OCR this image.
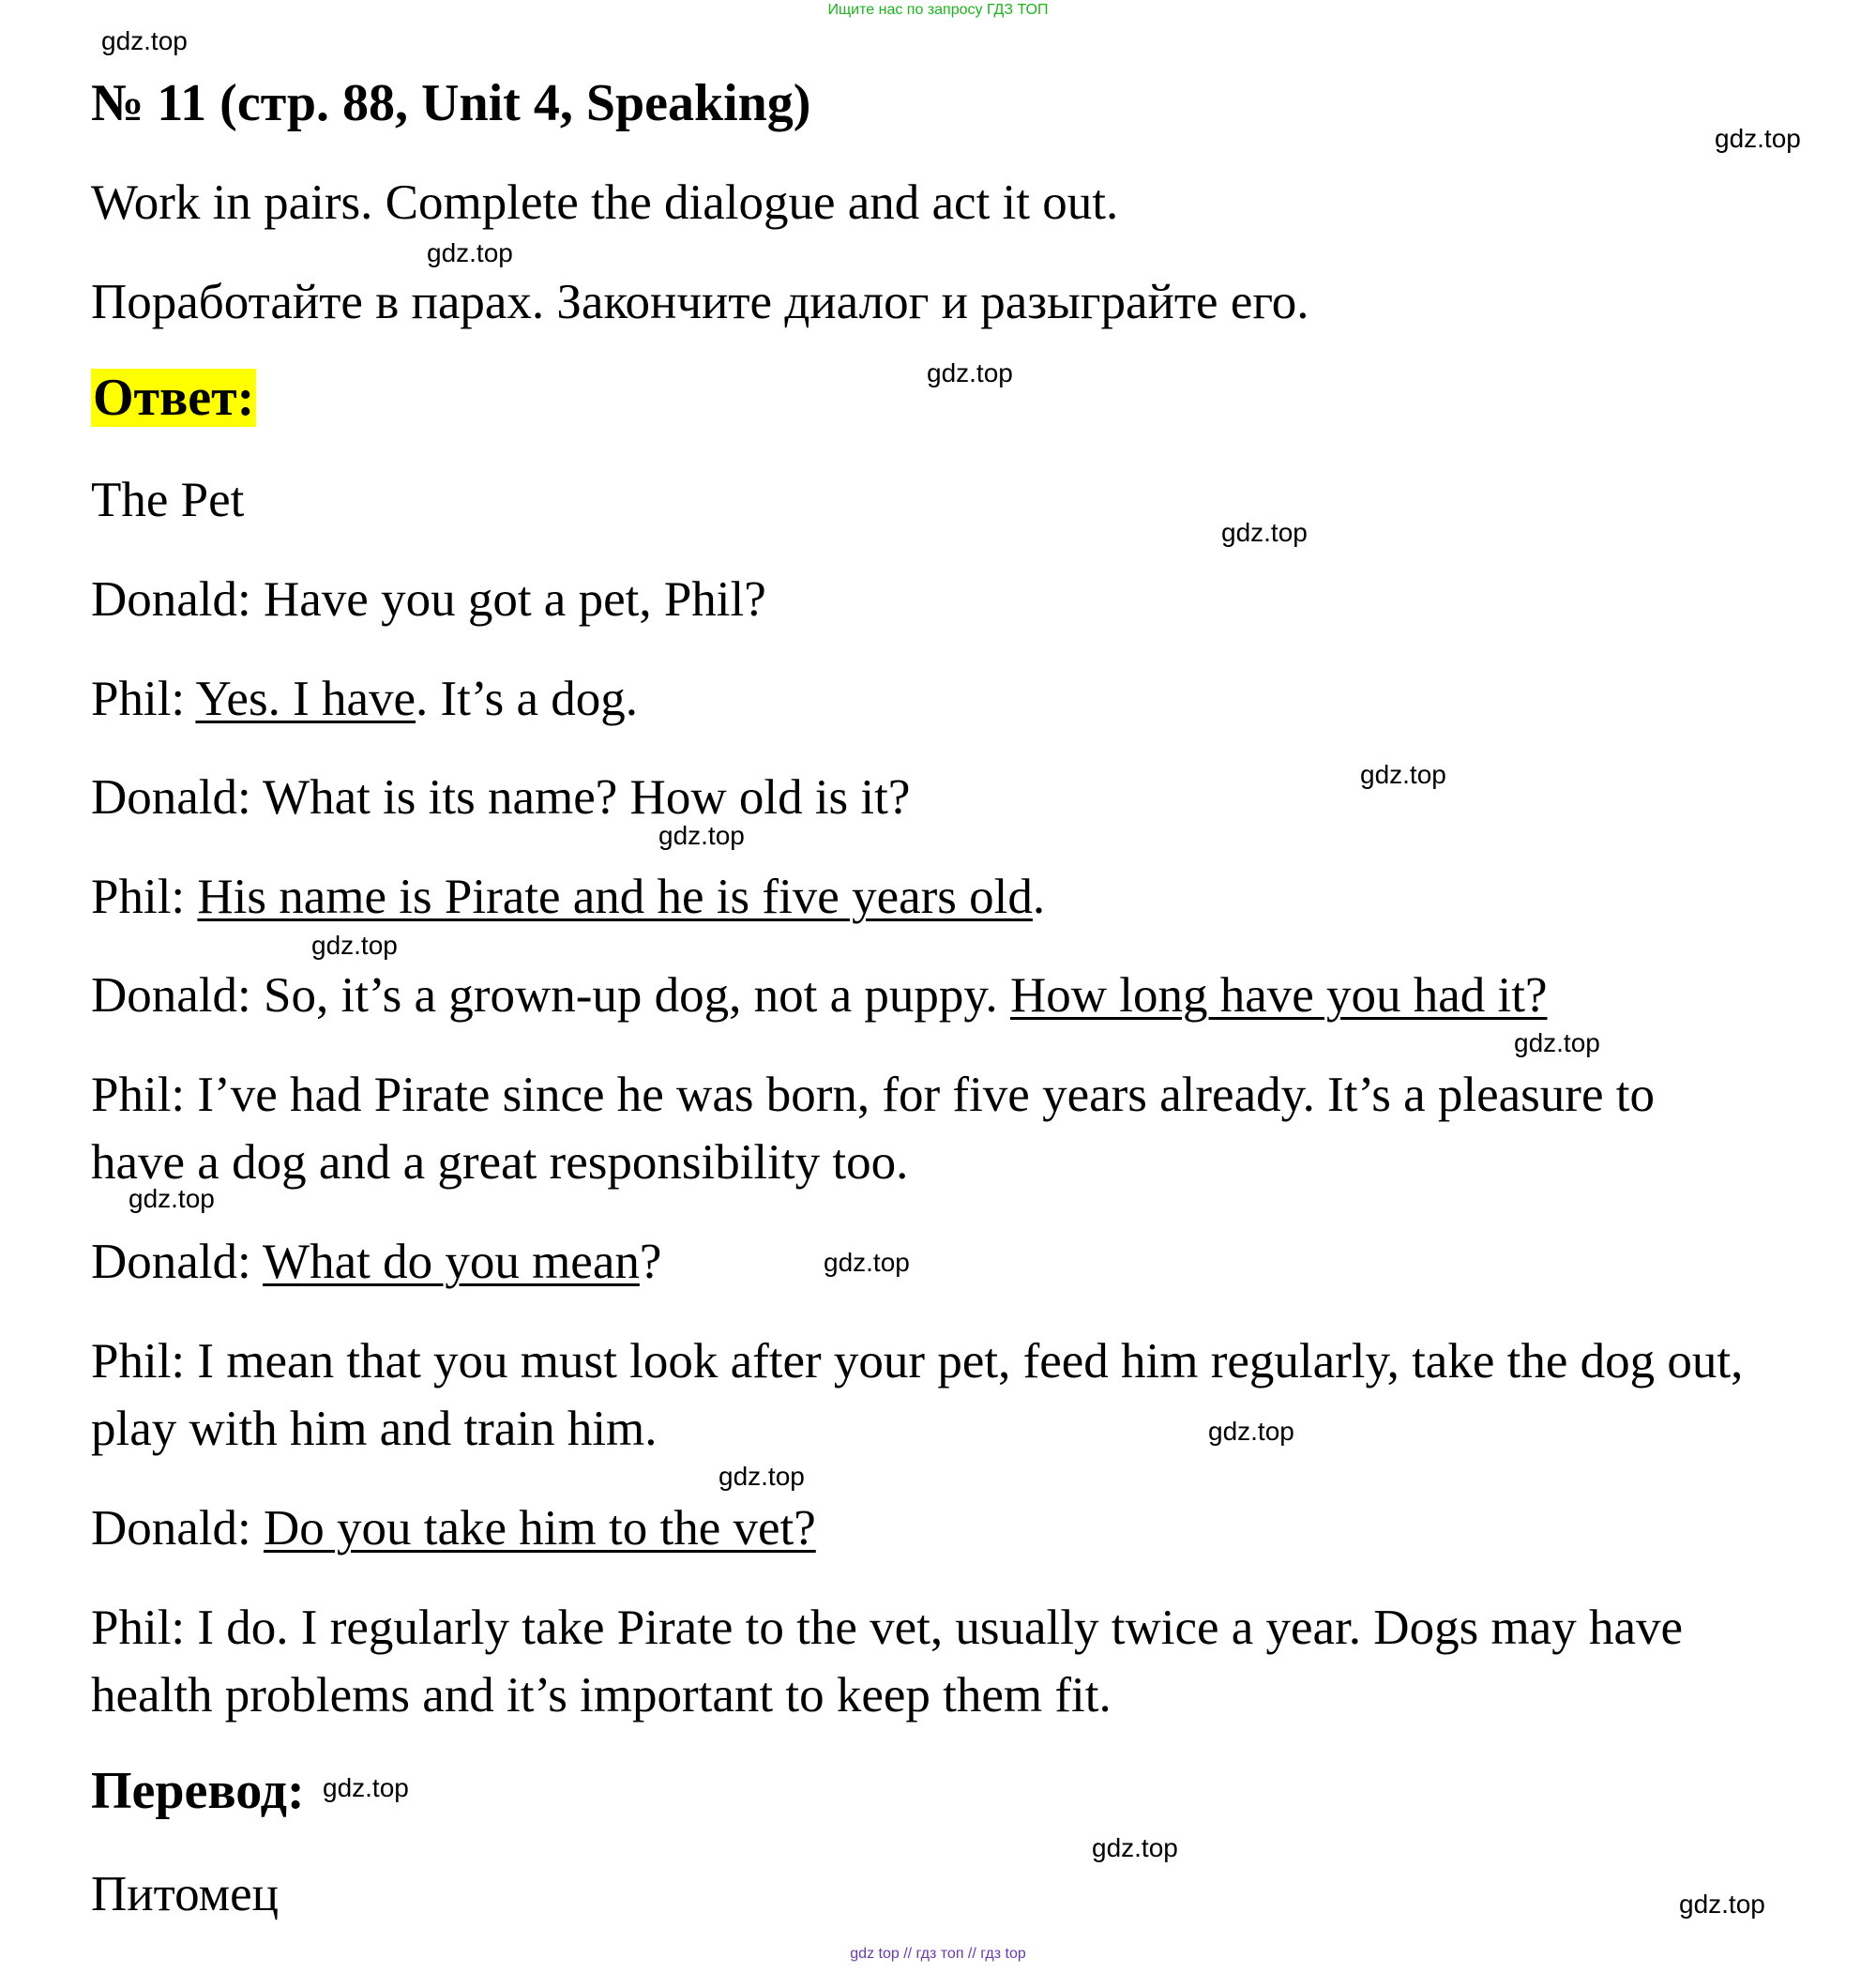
Ищите нас по запросу ГДЗ ТОП
gdz.top
gdz.top
gdz.top
gdz.top
gdz.top
gdz.top
gdz.top
gdz.top
gdz.top
gdz.top
gdz.top
gdz.top
gdz.top
gdz.top
gdz.top
gdz.top
№ 11 (стр. 88, Unit 4, Speaking)
Work in pairs. Complete the dialogue and act it out.
Поработайте в парах. Закончите диалог и разыграйте его.
Ответ:
The Pet
Donald: Have you got a pet, Phil?
Phil: Yes. I have. It’s a dog.
Donald: What is its name? How old is it?
Phil: His name is Pirate and he is five years old.
Donald: So, it’s a grown-up dog, not a puppy. How long have you had it?
Phil: I’ve had Pirate since he was born, for five years already. It’s a pleasure to have a dog and a great responsibility too.
Donald: What do you mean?
Phil: I mean that you must look after your pet, feed him regularly, take the dog out, play with him and train him.
Donald: Do you take him to the vet?
Phil: I do. I regularly take Pirate to the vet, usually twice a year. Dogs may have health problems and it’s important to keep them fit.
Перевод:
Питомец
gdz top // гдз топ // гдз top
